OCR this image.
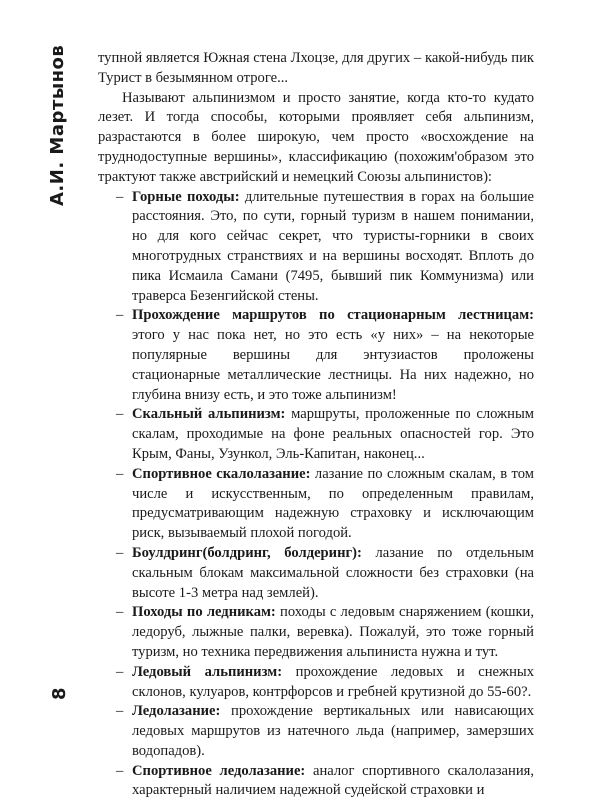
А.И. Мартынов
8

тупной является Южная стена Лхоцзе, для других – какой-нибудь пик Турист в безымянном отроге...

Называют альпинизмом и просто занятие, когда кто-то кудато лезет. И тогда способы, которыми проявляет себя альпинизм, разрастаются в более широкую, чем просто «восхождение на труднодоступные вершины», классификацию (похожим'образом это трактуют также австрийский и немецкий Союзы альпинистов):

– Горные походы: длительные путешествия в горах на большие расстояния. Это, по сути, горный туризм в нашем понимании, но для кого сейчас секрет, что туристы-горники в своих многотрудных странствиях и на вершины восходят. Вплоть до пика Исмаила Самани (7495, бывший пик Коммунизма) или траверса Безенгийской стены.
– Прохождение маршрутов по стационарным лестницам: этого у нас пока нет, но это есть «у них» – на некоторые популярные вершины для энтузиастов проложены стационарные металлические лестницы. На них надежно, но глубина внизу есть, и это тоже альпинизм!
– Скальный альпинизм: маршруты, проложенные по сложным скалам, проходимые на фоне реальных опасностей гор. Это Крым, Фаны, Узункол, Эль-Капитан, наконец...
– Спортивное скалолазание: лазание по сложным скалам, в том числе и искусственным, по определенным правилам, предусматривающим надежную страховку и исключающим риск, вызываемый плохой погодой.
– Боулдринг(болдринг, болдеринг): лазание по отдельным скальным блокам максимальной сложности без страховки (на высоте 1-3 метра над землей).
– Походы по ледникам: походы с ледовым снаряжением (кошки, ледоруб, лыжные палки, веревка). Пожалуй, это тоже горный туризм, но техника передвижения альпиниста нужна и тут.
– Ледовый альпинизм: прохождение ледовых и снежных склонов, кулуаров, контрфорсов и гребней крутизной до 55-60?.
– Ледолазание: прохождение вертикальных или нависающих ледовых маршрутов из натечного льда (например, замерзших водопадов).
– Спортивное ледолазание: аналог спортивного скалолазания, характерный наличием надежной судейской страховки и
